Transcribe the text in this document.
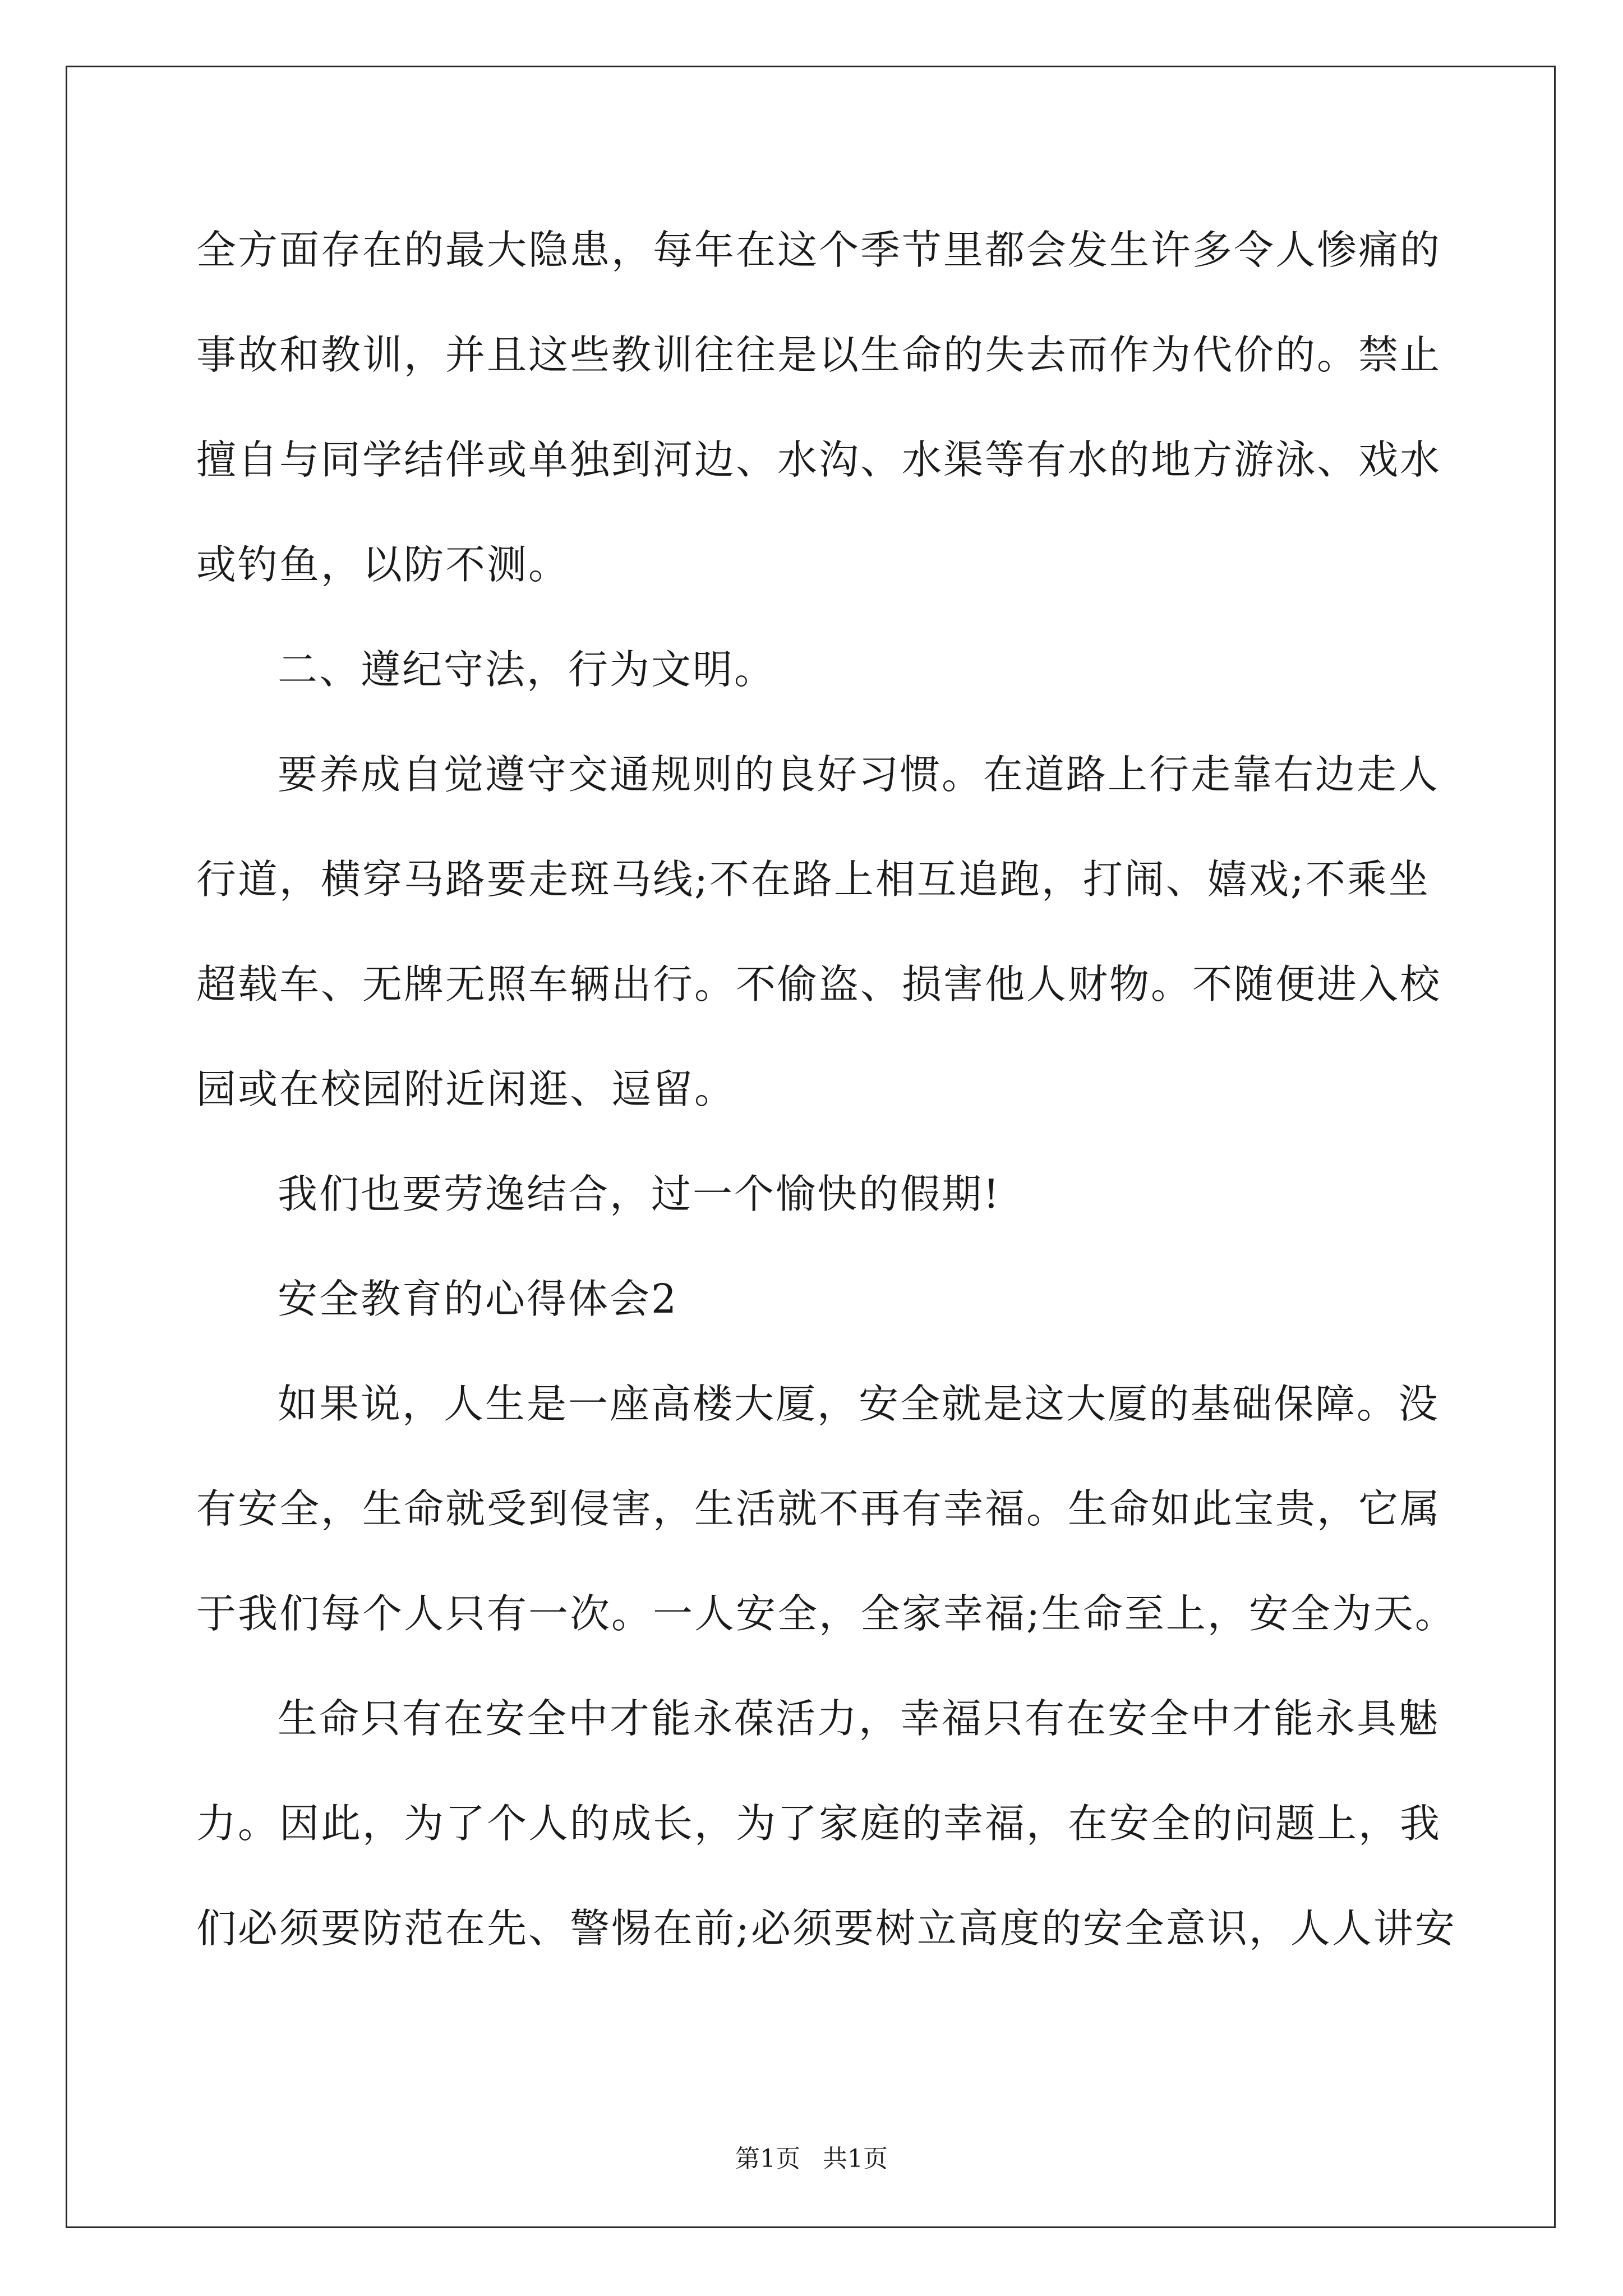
全方面存在的最大隐患，每年在这个季节里都会发生许多令人惨痛的
事故和教训，并且这些教训往往是以生命的失去而作为代价的。禁止
擅自与同学结伴或单独到河边、水沟、水渠等有水的地方游泳、戏水
或钓鱼，以防不测。
二、遵纪守法，行为文明。
要养成自觉遵守交通规则的良好习惯。在道路上行走靠右边走人
行道，横穿马路要走斑马线;不在路上相互追跑，打闹、嬉戏;不乘坐
超载车、无牌无照车辆出行。不偷盗、损害他人财物。不随便进入校
园或在校园附近闲逛、逗留。
我们也要劳逸结合，过一个愉快的假期!
安全教育的心得体会2
如果说，人生是一座高楼大厦，安全就是这大厦的基础保障。没
有安全，生命就受到侵害，生活就不再有幸福。生命如此宝贵，它属
于我们每个人只有一次。一人安全，全家幸福;生命至上，安全为天。
生命只有在安全中才能永葆活力，幸福只有在安全中才能永具魅
力。因此，为了个人的成长，为了家庭的幸福，在安全的问题上，我
们必须要防范在先、警惕在前;必须要树立高度的安全意识，人人讲安
第1页 共1页
